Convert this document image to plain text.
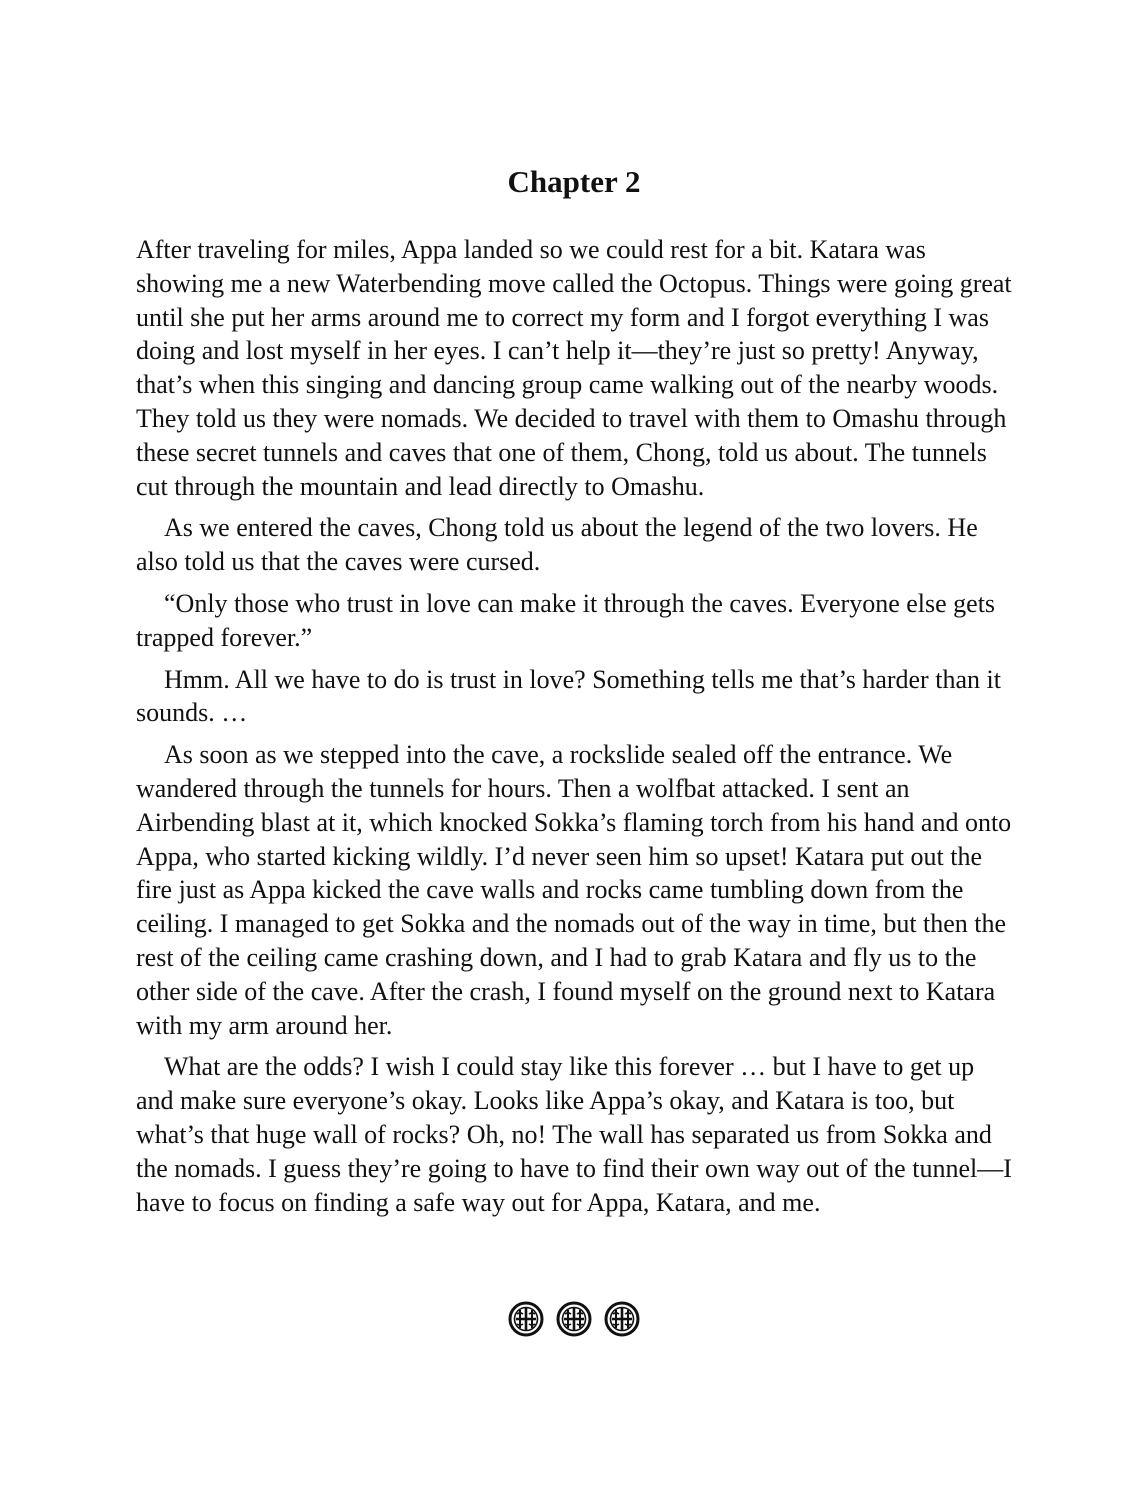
Chapter 2

After traveling for miles, Appa landed so we could rest for a bit. Katara was showing me a new Waterbending move called the Octopus. Things were going great until she put her arms around me to correct my form and I forgot everything I was doing and lost myself in her eyes. I can’t help it—they’re just so pretty! Anyway, that’s when this singing and dancing group came walking out of the nearby woods. They told us they were nomads. We decided to travel with them to Omashu through these secret tunnels and caves that one of them, Chong, told us about. The tunnels cut through the mountain and lead directly to Omashu.

As we entered the caves, Chong told us about the legend of the two lovers. He also told us that the caves were cursed.

“Only those who trust in love can make it through the caves. Everyone else gets trapped forever.”

Hmm. All we have to do is trust in love? Something tells me that’s harder than it sounds. …

As soon as we stepped into the cave, a rockslide sealed off the entrance. We wandered through the tunnels for hours. Then a wolfbat attacked. I sent an Airbending blast at it, which knocked Sokka’s flaming torch from his hand and onto Appa, who started kicking wildly. I’d never seen him so upset! Katara put out the fire just as Appa kicked the cave walls and rocks came tumbling down from the ceiling. I managed to get Sokka and the nomads out of the way in time, but then the rest of the ceiling came crashing down, and I had to grab Katara and fly us to the other side of the cave. After the crash, I found myself on the ground next to Katara with my arm around her.

What are the odds? I wish I could stay like this forever … but I have to get up and make sure everyone’s okay. Looks like Appa’s okay, and Katara is too, but what’s that huge wall of rocks? Oh, no! The wall has separated us from Sokka and the nomads. I guess they’re going to have to find their own way out of the tunnel—I have to focus on finding a safe way out for Appa, Katara, and me.
